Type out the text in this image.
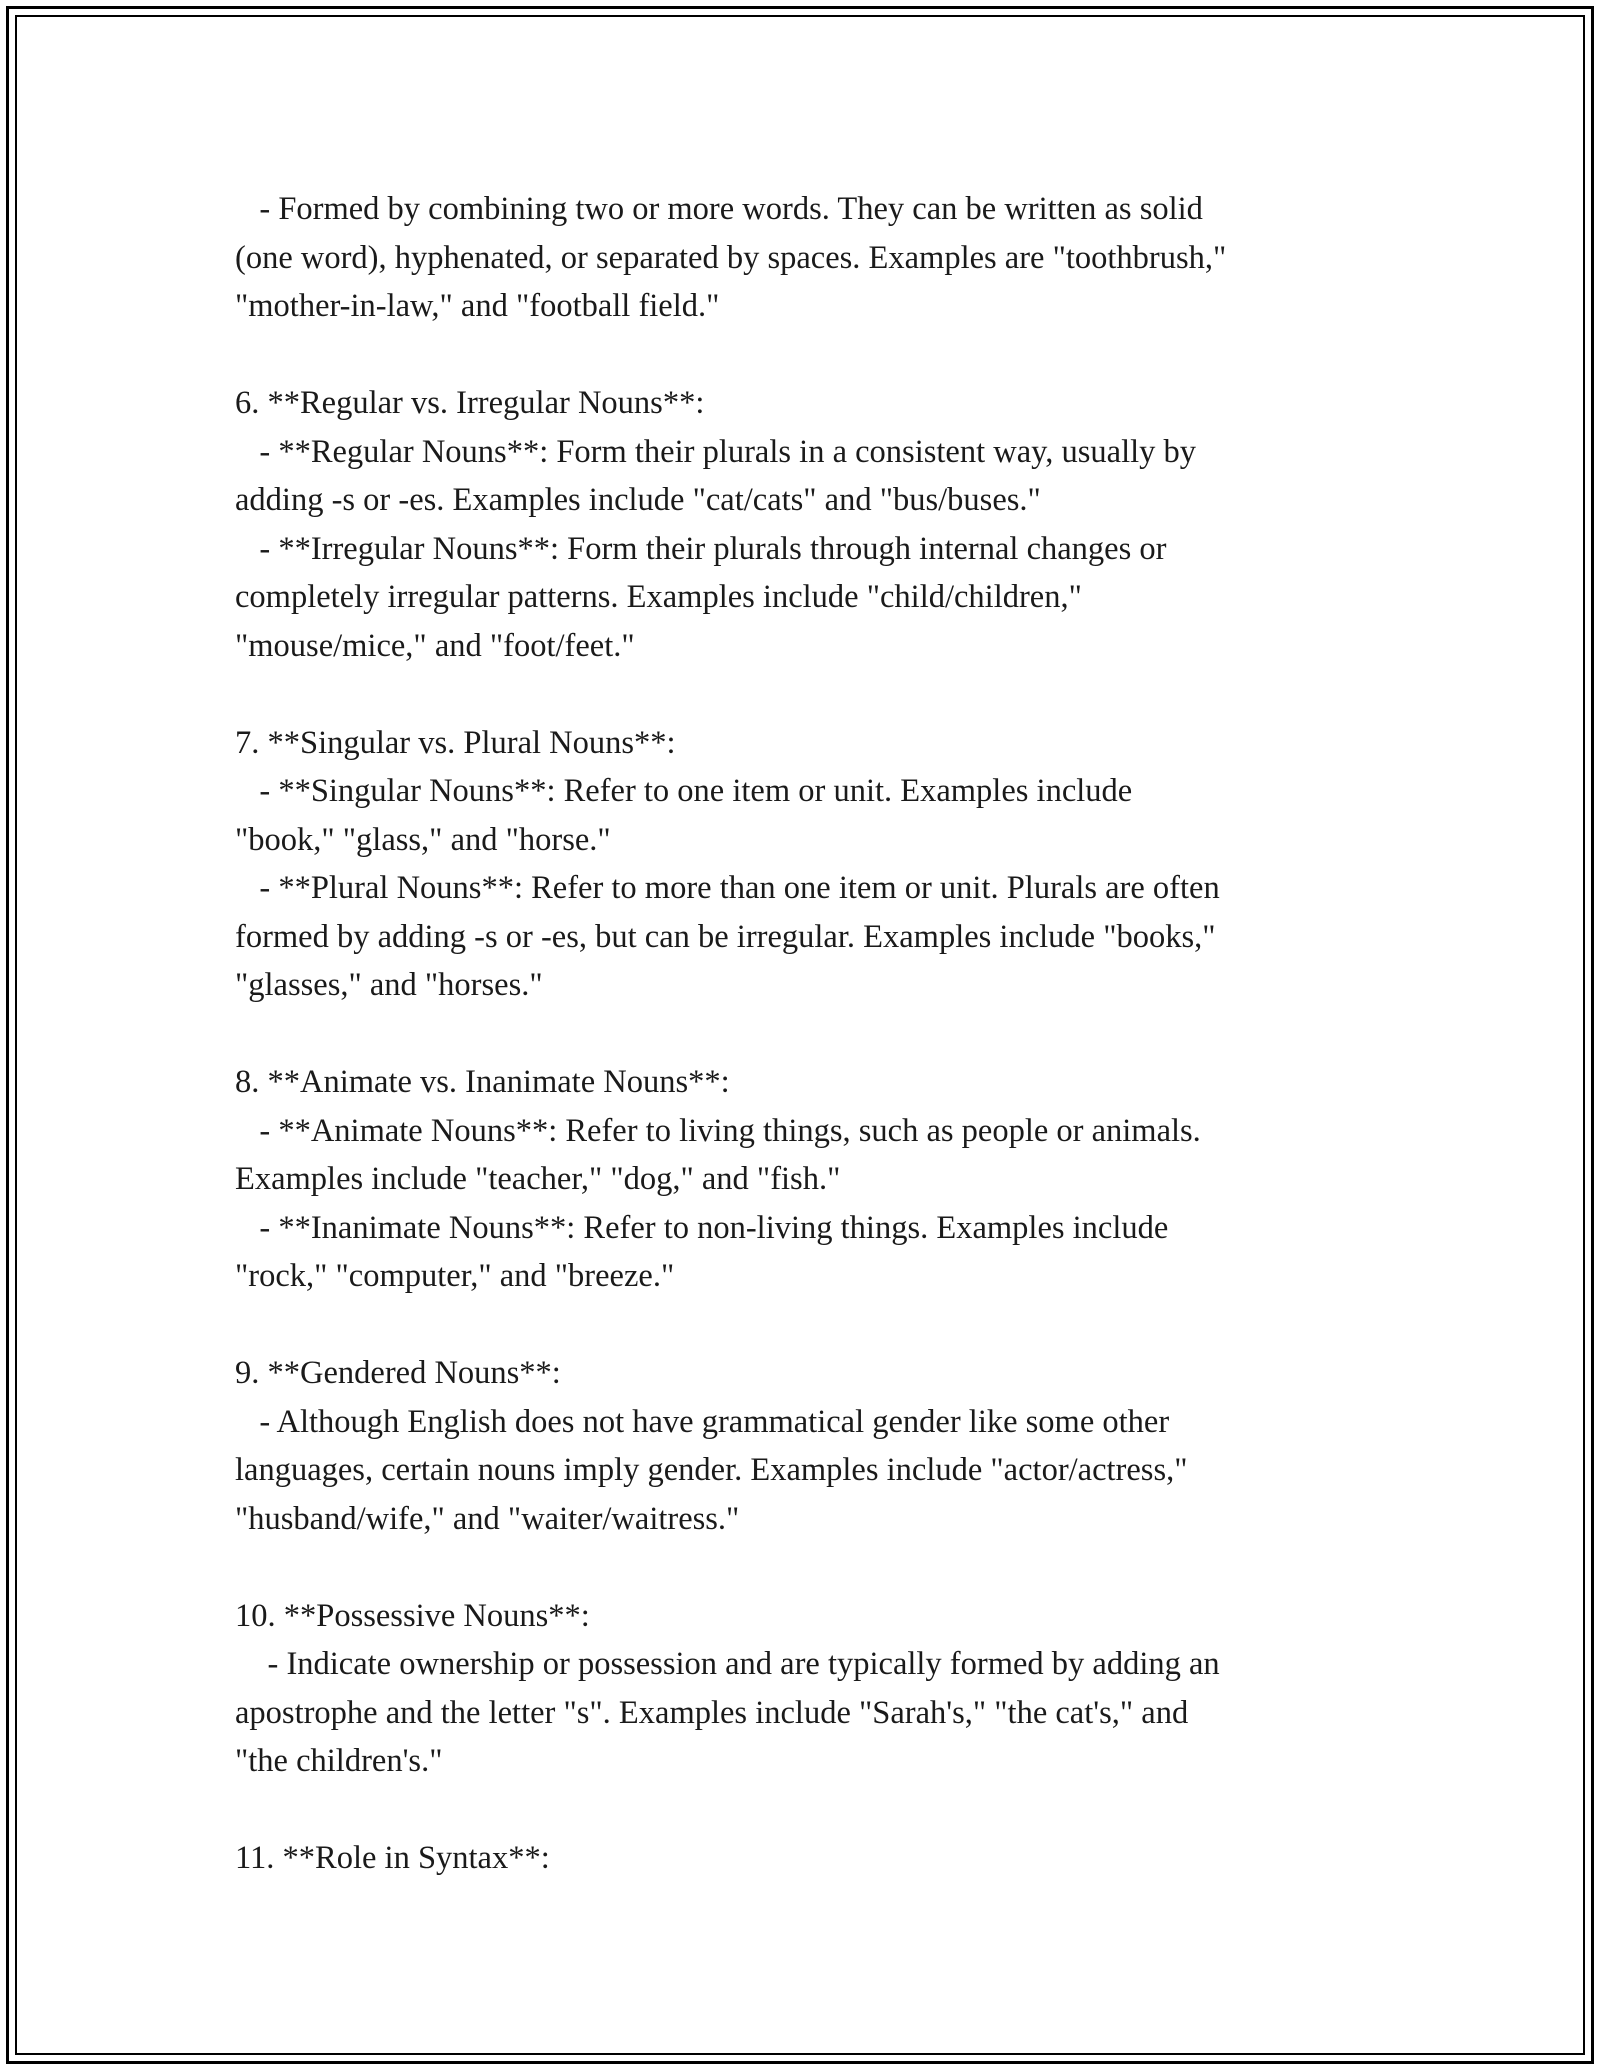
- Formed by combining two or more words. They can be written as solid
(one word), hyphenated, or separated by spaces. Examples are "toothbrush,"
"mother-in-law," and "football field."
6. **Regular vs. Irregular Nouns**:
- **Regular Nouns**: Form their plurals in a consistent way, usually by
adding -s or -es. Examples include "cat/cats" and "bus/buses."
- **Irregular Nouns**: Form their plurals through internal changes or
completely irregular patterns. Examples include "child/children,"
"mouse/mice," and "foot/feet."
7. **Singular vs. Plural Nouns**:
- **Singular Nouns**: Refer to one item or unit. Examples include
"book," "glass," and "horse."
- **Plural Nouns**: Refer to more than one item or unit. Plurals are often
formed by adding -s or -es, but can be irregular. Examples include "books,"
"glasses," and "horses."
8. **Animate vs. Inanimate Nouns**:
- **Animate Nouns**: Refer to living things, such as people or animals.
Examples include "teacher," "dog," and "fish."
- **Inanimate Nouns**: Refer to non-living things. Examples include
"rock," "computer," and "breeze."
9. **Gendered Nouns**:
- Although English does not have grammatical gender like some other
languages, certain nouns imply gender. Examples include "actor/actress,"
"husband/wife," and "waiter/waitress."
10. **Possessive Nouns**:
- Indicate ownership or possession and are typically formed by adding an
apostrophe and the letter "s". Examples include "Sarah's," "the cat's," and
"the children's."
11. **Role in Syntax**:
